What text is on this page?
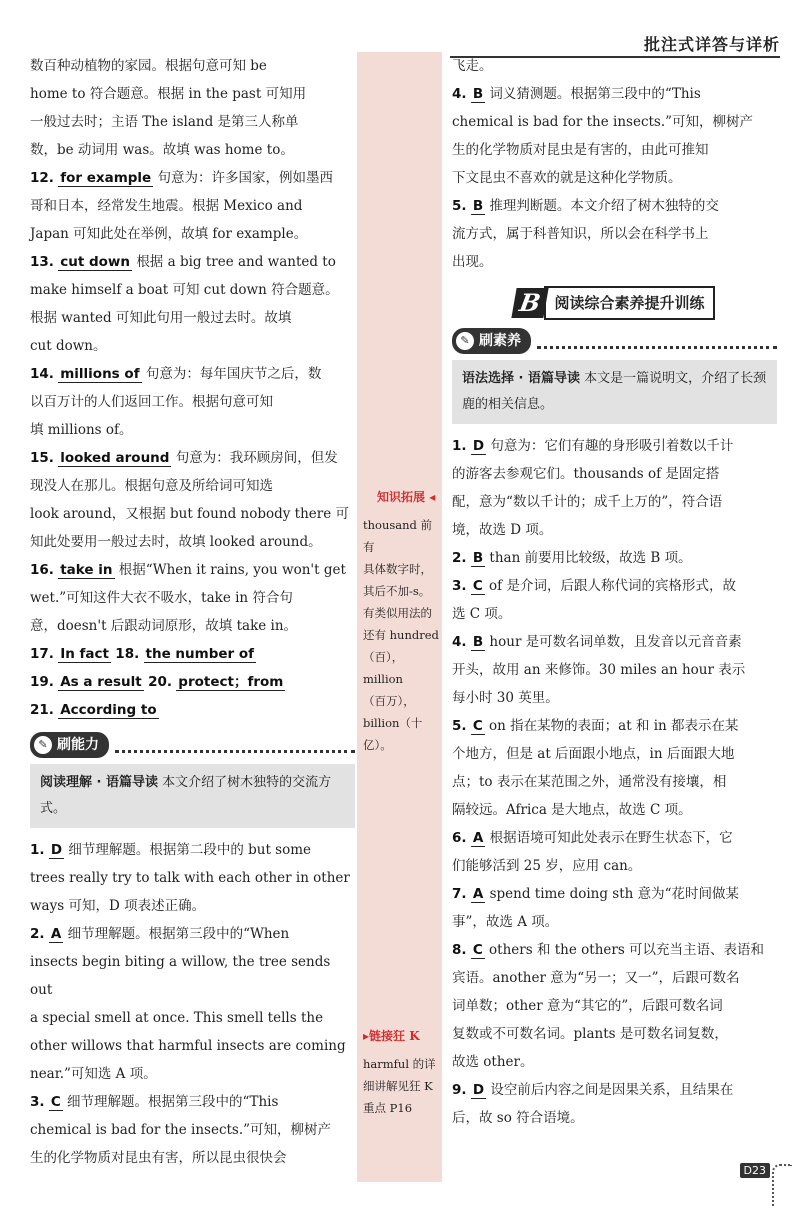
批注式详答与详析
数百种动植物的家园。根据句意可知 be
home to 符合题意。根据 in the past 可知用
一般过去时；主语 The island 是第三人称单
数，be 动词用 was。故填 was home to。
12. for example 句意为：许多国家，例如墨西
哥和日本，经常发生地震。根据 Mexico and
Japan 可知此处在举例，故填 for example。
13. cut down 根据 a big tree and wanted to
make himself a boat 可知 cut down 符合题意。
根据 wanted 可知此句用一般过去时。故填
cut down。
14. millions of 句意为：每年国庆节之后，数
以百万计的人们返回工作。根据句意可知
填 millions of。
15. looked around 句意为：我环顾房间，但发
现没人在那儿。根据句意及所给词可知选
look around，又根据 but found nobody there 可
知此处要用一般过去时，故填 looked around。
16. take in 根据“When it rains, you won't get
wet.”可知这件大衣不吸水，take in 符合句
意，doesn't 后跟动词原形，故填 take in。
17. In fact 18. the number of
19. As a result 20. protect；from
21. According to
✎ 刷能力
阅读理解 · 语篇导读 本文介绍了树木独特的交流方式。
1. D 细节理解题。根据第二段中的 but some
trees really try to talk with each other in other
ways 可知，D 项表述正确。
2. A 细节理解题。根据第三段中的“When
insects begin biting a willow, the tree sends out
a special smell at once. This smell tells the
other willows that harmful insects are coming
near.”可知选 A 项。
3. C 细节理解题。根据第三段中的“This
chemical is bad for the insects.”可知，柳树产
生的化学物质对昆虫有害，所以昆虫很快会
知识拓展 ◂
thousand 前有
具体数字时，
其后不加-s。
有类似用法的
还有 hundred
（百），million
（百万），
billion（十
亿）。
▸链接狂 K
harmful 的详
细讲解见狂 K
重点 P16
飞走。
4. B 词义猜测题。根据第三段中的“This
chemical is bad for the insects.”可知，柳树产
生的化学物质对昆虫是有害的，由此可推知
下文昆虫不喜欢的就是这种化学物质。
5. B 推理判断题。本文介绍了树木独特的交
流方式，属于科普知识，所以会在科学书上
出现。
B 阅读综合素养提升训练
✎ 刷素养
语法选择 · 语篇导读 本文是一篇说明文，介绍了长颈鹿的相关信息。
1. D 句意为：它们有趣的身形吸引着数以千计
的游客去参观它们。thousands of 是固定搭
配，意为“数以千计的；成千上万的”，符合语
境，故选 D 项。
2. B than 前要用比较级，故选 B 项。
3. C of 是介词，后跟人称代词的宾格形式，故
选 C 项。
4. B hour 是可数名词单数，且发音以元音音素
开头，故用 an 来修饰。30 miles an hour 表示
每小时 30 英里。
5. C on 指在某物的表面；at 和 in 都表示在某
个地方，但是 at 后面跟小地点，in 后面跟大地
点；to 表示在某范围之外，通常没有接壤，相
隔较远。Africa 是大地点，故选 C 项。
6. A 根据语境可知此处表示在野生状态下，它
们能够活到 25 岁，应用 can。
7. A spend time doing sth 意为“花时间做某
事”，故选 A 项。
8. C others 和 the others 可以充当主语、表语和
宾语。another 意为“另一；又一”，后跟可数名
词单数；other 意为“其它的”，后跟可数名词
复数或不可数名词。plants 是可数名词复数，
故选 other。
9. D 设空前后内容之间是因果关系，且结果在
后，故 so 符合语境。
D23
